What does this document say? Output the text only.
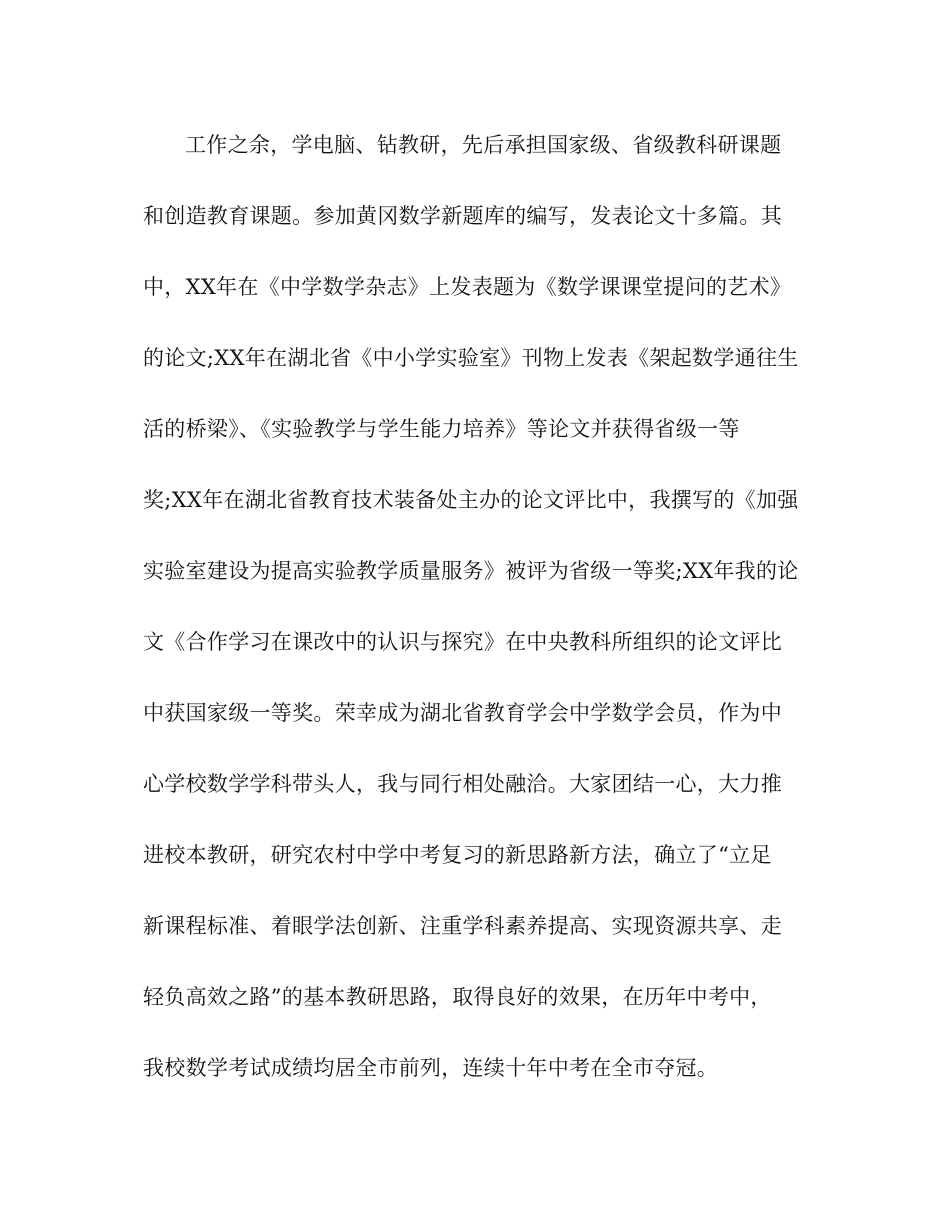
工作之余，学电脑、钻教研，先后承担国家级、省级教科研课题

和创造教育课题。参加黄冈数学新题库的编写，发表论文十多篇。其

中，XX年在《中学数学杂志》上发表题为《数学课课堂提问的艺术》

的论文;XX年在湖北省《中小学实验室》刊物上发表《架起数学通往生

活的桥梁》、《实验教学与学生能力培养》等论文并获得省级一等

奖;XX年在湖北省教育技术装备处主办的论文评比中，我撰写的《加强

实验室建设为提高实验教学质量服务》被评为省级一等奖;XX年我的论

文《合作学习在课改中的认识与探究》在中央教科所组织的论文评比

中获国家级一等奖。荣幸成为湖北省教育学会中学数学会员，作为中

心学校数学学科带头人，我与同行相处融洽。大家团结一心，大力推

进校本教研，研究农村中学中考复习的新思路新方法，确立了“立足

新课程标准、着眼学法创新、注重学科素养提高、实现资源共享、走

轻负高效之路”的基本教研思路，取得良好的效果，在历年中考中，

我校数学考试成绩均居全市前列，连续十年中考在全市夺冠。
